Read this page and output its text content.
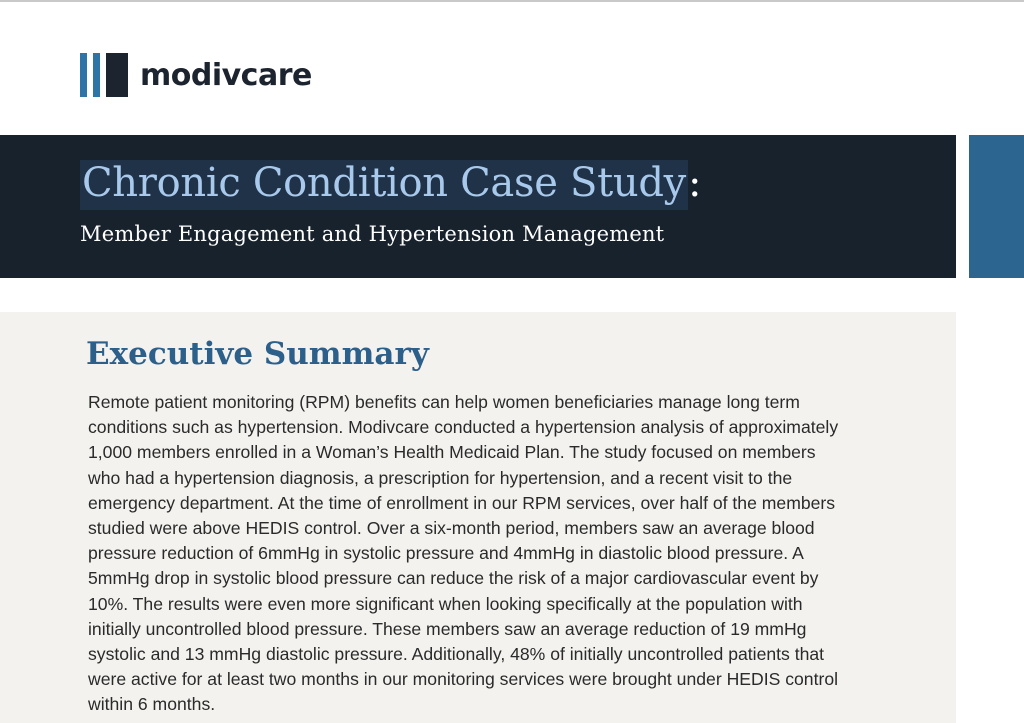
modivcare
Chronic Condition Case Study :
Member Engagement and Hypertension Management
Executive Summary
Remote patient monitoring (RPM) benefits can help women beneficiaries manage long term
conditions such as hypertension. Modivcare conducted a hypertension analysis of approximately
1,000 members enrolled in a Woman’s Health Medicaid Plan. The study focused on members
who had a hypertension diagnosis, a prescription for hypertension, and a recent visit to the
emergency department. At the time of enrollment in our RPM services, over half of the members
studied were above HEDIS control. Over a six-month period, members saw an average blood
pressure reduction of 6mmHg in systolic pressure and 4mmHg in diastolic blood pressure. A
5mmHg drop in systolic blood pressure can reduce the risk of a major cardiovascular event by
10%. The results were even more significant when looking specifically at the population with
initially uncontrolled blood pressure. These members saw an average reduction of 19 mmHg
systolic and 13 mmHg diastolic pressure. Additionally, 48% of initially uncontrolled patients that
were active for at least two months in our monitoring services were brought under HEDIS control
within 6 months.
